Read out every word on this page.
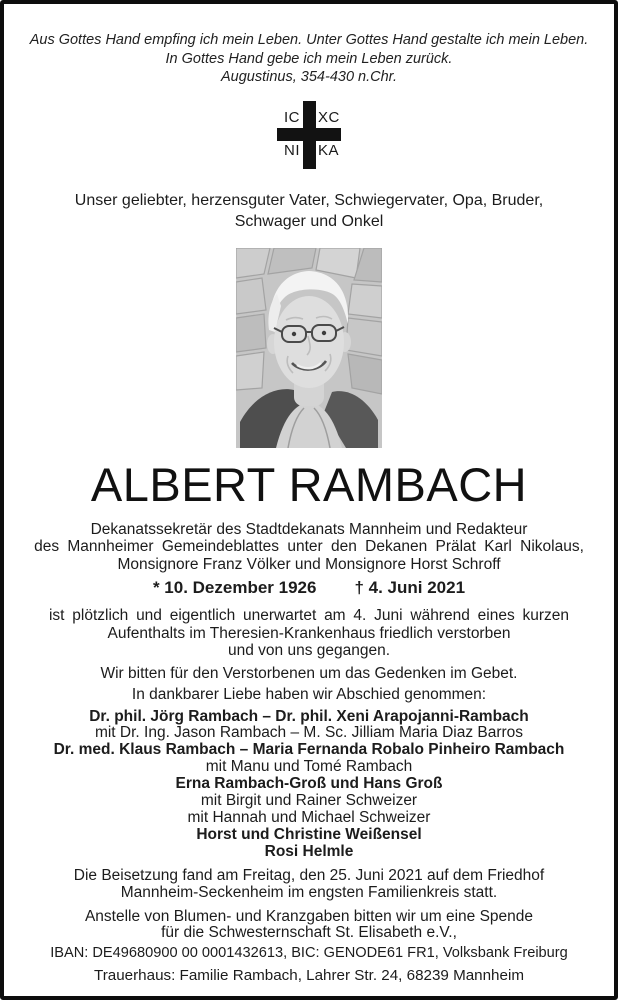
Aus Gottes Hand empfing ich mein Leben. Unter Gottes Hand gestalte ich mein Leben.
In Gottes Hand gebe ich mein Leben zurück.
Augustinus, 354-430 n.Chr.
IC XC
NI KA
Unser geliebter, herzensguter Vater, Schwiegervater, Opa, Bruder,
Schwager und Onkel
ALBERT RAMBACH
Dekanatssekretär des Stadtdekanats Mannheim und Redakteur
des Mannheimer Gemeindeblattes unter den Dekanen Prälat Karl Nikolaus,
Monsignore Franz Völker und Monsignore Horst Schroff
* 10. Dezember 1926 † 4. Juni 2021
ist plötzlich und eigentlich unerwartet am 4. Juni während eines kurzen
Aufenthalts im Theresien-Krankenhaus friedlich verstorben
und von uns gegangen.
Wir bitten für den Verstorbenen um das Gedenken im Gebet.
In dankbarer Liebe haben wir Abschied genommen:
Dr. phil. Jörg Rambach – Dr. phil. Xeni Arapojanni-Rambach
mit Dr. Ing. Jason Rambach – M. Sc. Jilliam Maria Diaz Barros
Dr. med. Klaus Rambach – Maria Fernanda Robalo Pinheiro Rambach
mit Manu und Tomé Rambach
Erna Rambach-Groß und Hans Groß
mit Birgit und Rainer Schweizer
mit Hannah und Michael Schweizer
Horst und Christine Weißensel
Rosi Helmle
Die Beisetzung fand am Freitag, den 25. Juni 2021 auf dem Friedhof
Mannheim-Seckenheim im engsten Familienkreis statt.
Anstelle von Blumen- und Kranzgaben bitten wir um eine Spende
für die Schwesternschaft St. Elisabeth e.V.,
IBAN: DE49680900 00 0001432613, BIC: GENODE61 FR1, Volksbank Freiburg
Trauerhaus: Familie Rambach, Lahrer Str. 24, 68239 Mannheim
